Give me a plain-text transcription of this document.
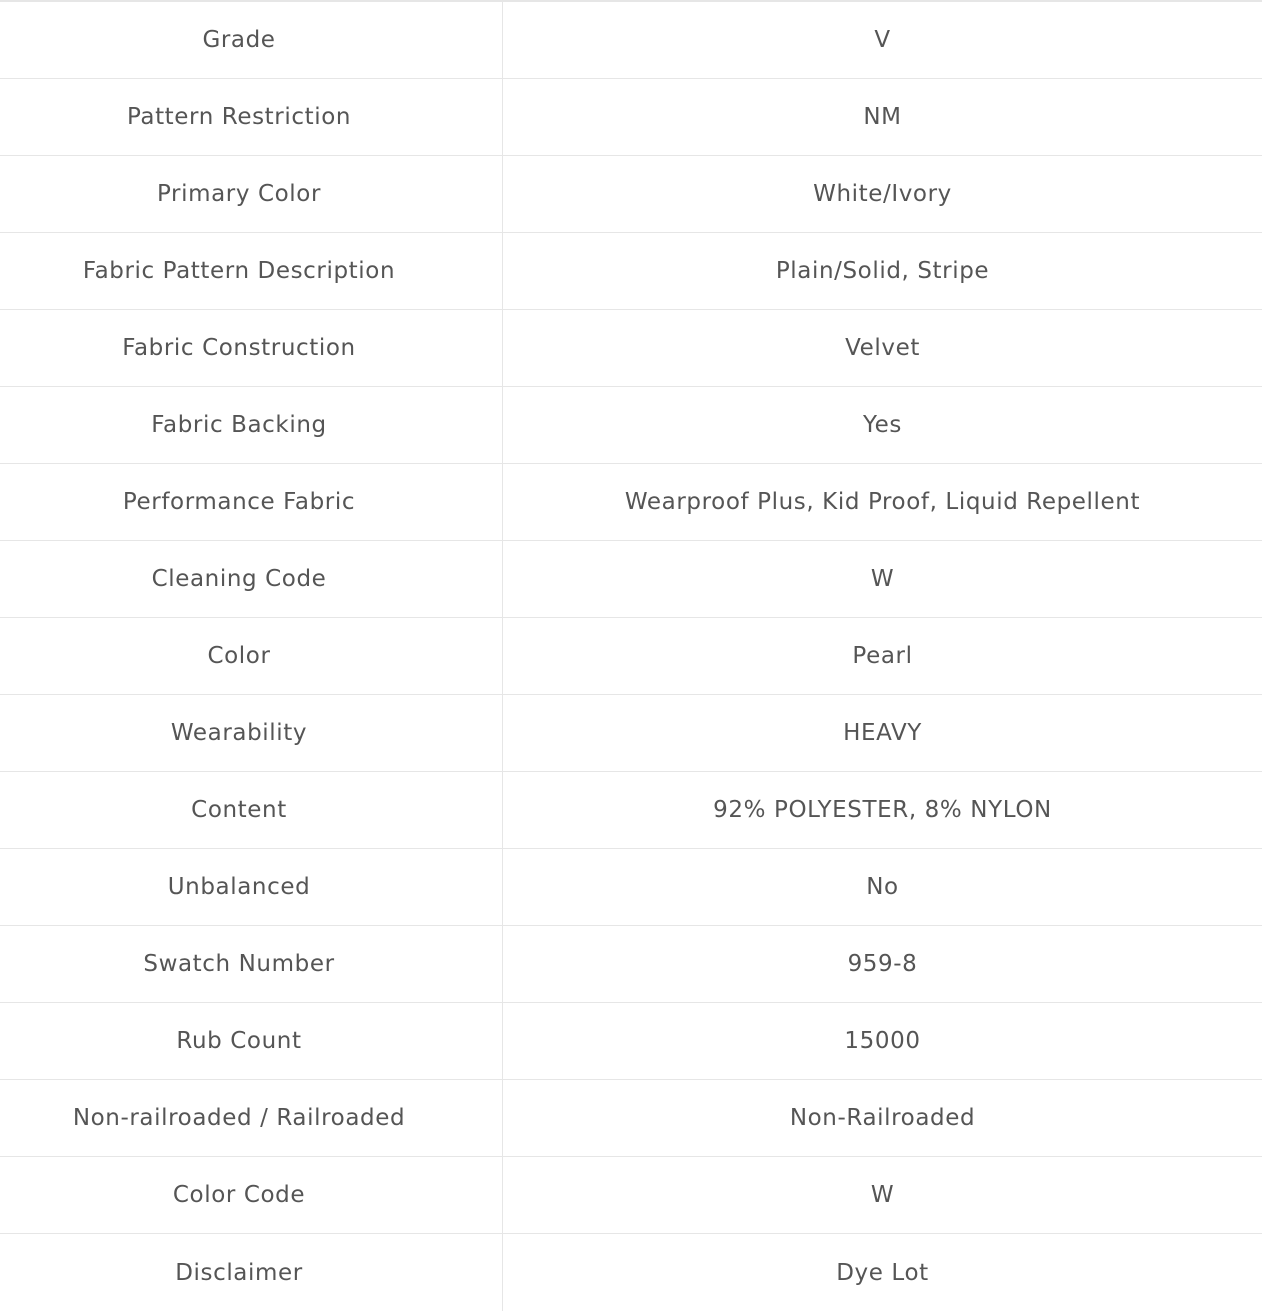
Grade	V
Pattern Restriction	NM
Primary Color	White/Ivory
Fabric Pattern Description	Plain/Solid, Stripe
Fabric Construction	Velvet
Fabric Backing	Yes
Performance Fabric	Wearproof Plus, Kid Proof, Liquid Repellent
Cleaning Code	W
Color	Pearl
Wearability	HEAVY
Content	92% POLYESTER, 8% NYLON
Unbalanced	No
Swatch Number	959-8
Rub Count	15000
Non-railroaded / Railroaded	Non-Railroaded
Color Code	W
Disclaimer	Dye Lot
